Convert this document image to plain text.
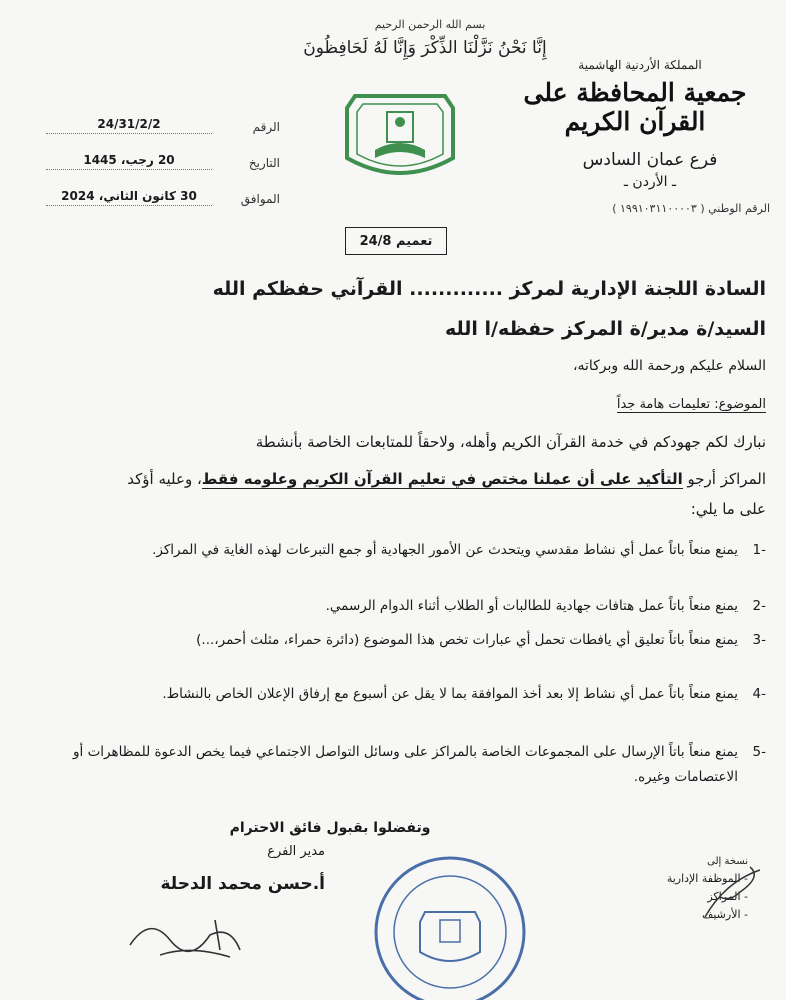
بسم الله الرحمن الرحيم
إِنَّا نَحْنُ نَزَّلْنَا الذِّكْرَ وَإِنَّا لَهُ لَحَافِظُونَ
المملكة الأردنية الهاشمية
جمعية المحافظة على القرآن الكريم
الرقم
24/31/2/2
التاريخ
20 رجب، 1445
الموافق
30 كانون الثاني، 2024
فرع عمان السادس
ـ الأردن ـ
الرقم الوطني ( ١٩٩١٠٣١١٠٠٠٠٣ )
تعميم 24/8
السادة اللجنة الإدارية لمركز ............. القرآني حفظكم الله
السيد/ة مدير/ة المركز حفظه/ا الله
السلام عليكم ورحمة الله وبركاته،
الموضوع: تعليمات هامة جداً
نبارك لكم جهودكم في خدمة القرآن الكريم وأهله، ولاحقاً للمتابعات الخاصة بأنشطة
المراكز أرجو التأكيد على أن عملنا مختص في تعليم القرآن الكريم وعلومه فقط، وعليه أؤكد
على ما يلي:
-1
يمنع منعاً باتاً عمل أي نشاط مقدسي ويتحدث عن الأمور الجهادية أو جمع التبرعات لهذه الغاية في المراكز.
-2
يمنع منعاً باتاً عمل هتافات جهادية للطالبات أو الطلاب أثناء الدوام الرسمي.
-3
يمنع منعاً باتاً تعليق أي يافطات تحمل أي عبارات تخص هذا الموضوع (دائرة حمراء، مثلث أحمر،...)
-4
يمنع منعاً باتاً عمل أي نشاط إلا بعد أخذ الموافقة بما لا يقل عن أسبوع مع إرفاق الإعلان الخاص بالنشاط.
-5
يمنع منعاً باتاً الإرسال على المجموعات الخاصة بالمراكز على وسائل التواصل الاجتماعي فيما يخص الدعوة للمظاهرات أو الاعتصامات وغيره.
وتفضلوا بقبول فائق الاحترام
مدير الفرع
أ.حسن محمد الدحلة
نسخة إلى
- الموظفة الإدارية
- المراكز
- الأرشيف
